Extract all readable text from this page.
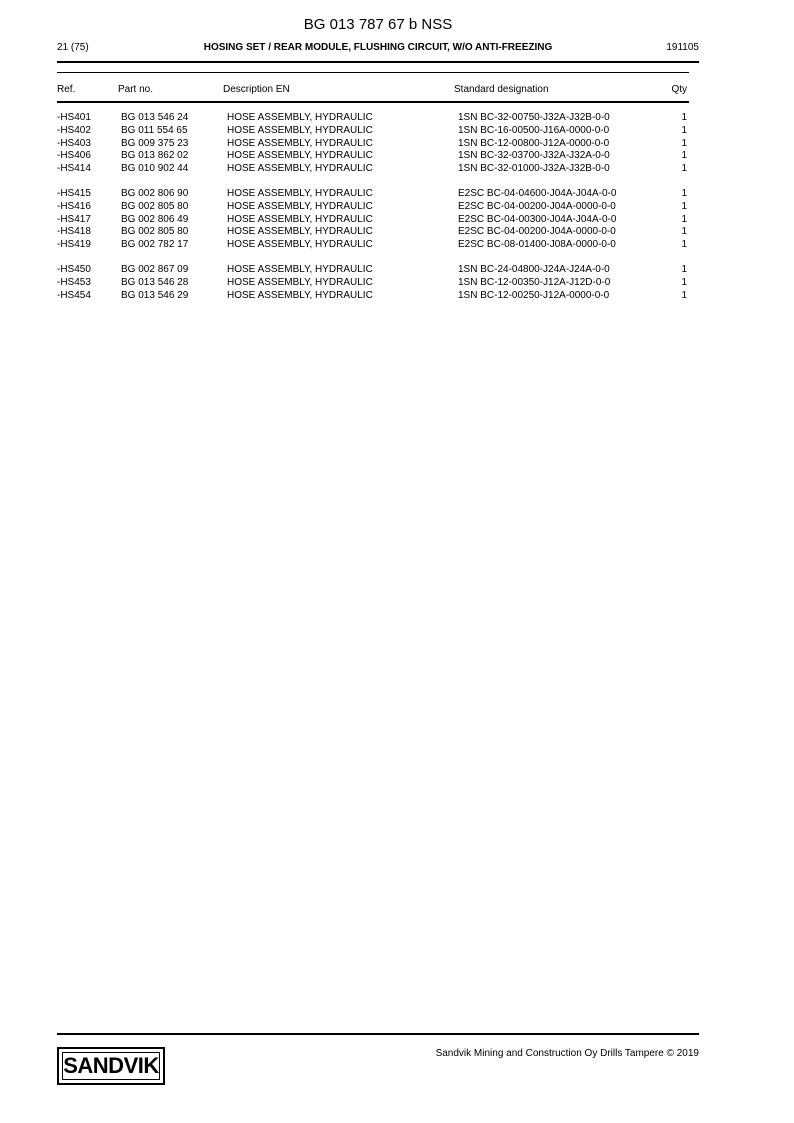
BG 013 787 67 b NSS
21 (75)	HOSING SET / REAR MODULE, FLUSHING CIRCUIT, W/O ANTI-FREEZING	191105
Ref.	Part no.	Description EN	Standard designation	Qty
-HS401	BG 013 546 24	HOSE ASSEMBLY, HYDRAULIC	1SN BC-32-00750-J32A-J32B-0-0	1
-HS402	BG 011 554 65	HOSE ASSEMBLY, HYDRAULIC	1SN BC-16-00500-J16A-0000-0-0	1
-HS403	BG 009 375 23	HOSE ASSEMBLY, HYDRAULIC	1SN BC-12-00800-J12A-0000-0-0	1
-HS406	BG 013 862 02	HOSE ASSEMBLY, HYDRAULIC	1SN BC-32-03700-J32A-J32A-0-0	1
-HS414	BG 010 902 44	HOSE ASSEMBLY, HYDRAULIC	1SN BC-32-01000-J32A-J32B-0-0	1
-HS415	BG 002 806 90	HOSE ASSEMBLY, HYDRAULIC	E2SC BC-04-04600-J04A-J04A-0-0	1
-HS416	BG 002 805 80	HOSE ASSEMBLY, HYDRAULIC	E2SC BC-04-00200-J04A-0000-0-0	1
-HS417	BG 002 806 49	HOSE ASSEMBLY, HYDRAULIC	E2SC BC-04-00300-J04A-J04A-0-0	1
-HS418	BG 002 805 80	HOSE ASSEMBLY, HYDRAULIC	E2SC BC-04-00200-J04A-0000-0-0	1
-HS419	BG 002 782 17	HOSE ASSEMBLY, HYDRAULIC	E2SC BC-08-01400-J08A-0000-0-0	1
-HS450	BG 002 867 09	HOSE ASSEMBLY, HYDRAULIC	1SN BC-24-04800-J24A-J24A-0-0	1
-HS453	BG 013 546 28	HOSE ASSEMBLY, HYDRAULIC	1SN BC-12-00350-J12A-J12D-0-0	1
-HS454	BG 013 546 29	HOSE ASSEMBLY, HYDRAULIC	1SN BC-12-00250-J12A-0000-0-0	1
SANDVIK	Sandvik Mining and Construction Oy Drills Tampere © 2019
